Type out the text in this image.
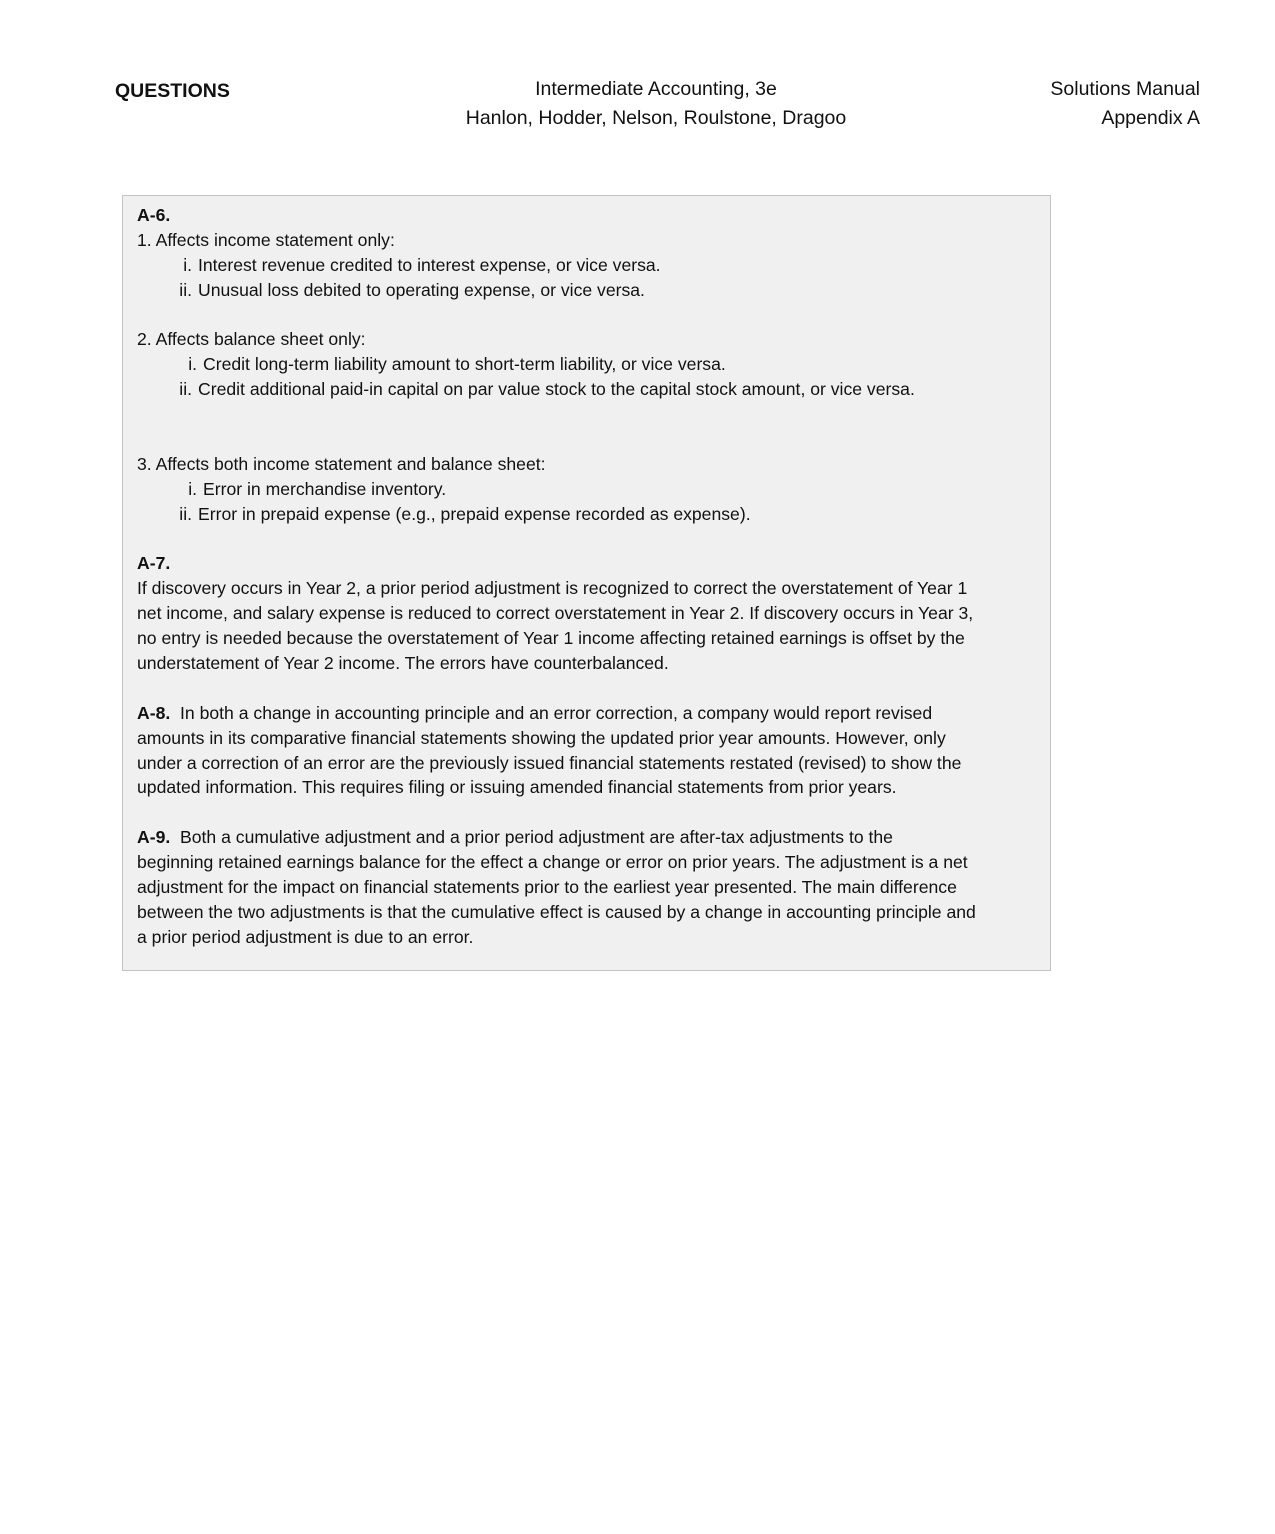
QUESTIONS	Intermediate Accounting, 3e
Hanlon, Hodder, Nelson, Roulstone, Dragoo
Solutions Manual
Appendix A
A-6.
1. Affects income statement only:
i. Interest revenue credited to interest expense, or vice versa.
ii. Unusual loss debited to operating expense, or vice versa.
2. Affects balance sheet only:
i. Credit long-term liability amount to short-term liability, or vice versa.
ii. Credit additional paid-in capital on par value stock to the capital stock amount, or vice versa.
3. Affects both income statement and balance sheet:
i. Error in merchandise inventory.
ii. Error in prepaid expense (e.g., prepaid expense recorded as expense).
A-7.
If discovery occurs in Year 2, a prior period adjustment is recognized to correct the overstatement of Year 1
net income, and salary expense is reduced to correct overstatement in Year 2. If discovery occurs in Year 3,
no entry is needed because the overstatement of Year 1 income affecting retained earnings is offset by the
understatement of Year 2 income. The errors have counterbalanced.
A-8.  In both a change in accounting principle and an error correction, a company would report revised
amounts in its comparative financial statements showing the updated prior year amounts. However, only
under a correction of an error are the previously issued financial statements restated (revised) to show the
updated information. This requires filing or issuing amended financial statements from prior years.
A-9.  Both a cumulative adjustment and a prior period adjustment are after-tax adjustments to the
beginning retained earnings balance for the effect a change or error on prior years. The adjustment is a net
adjustment for the impact on financial statements prior to the earliest year presented. The main difference
between the two adjustments is that the cumulative effect is caused by a change in accounting principle and
a prior period adjustment is due to an error.
